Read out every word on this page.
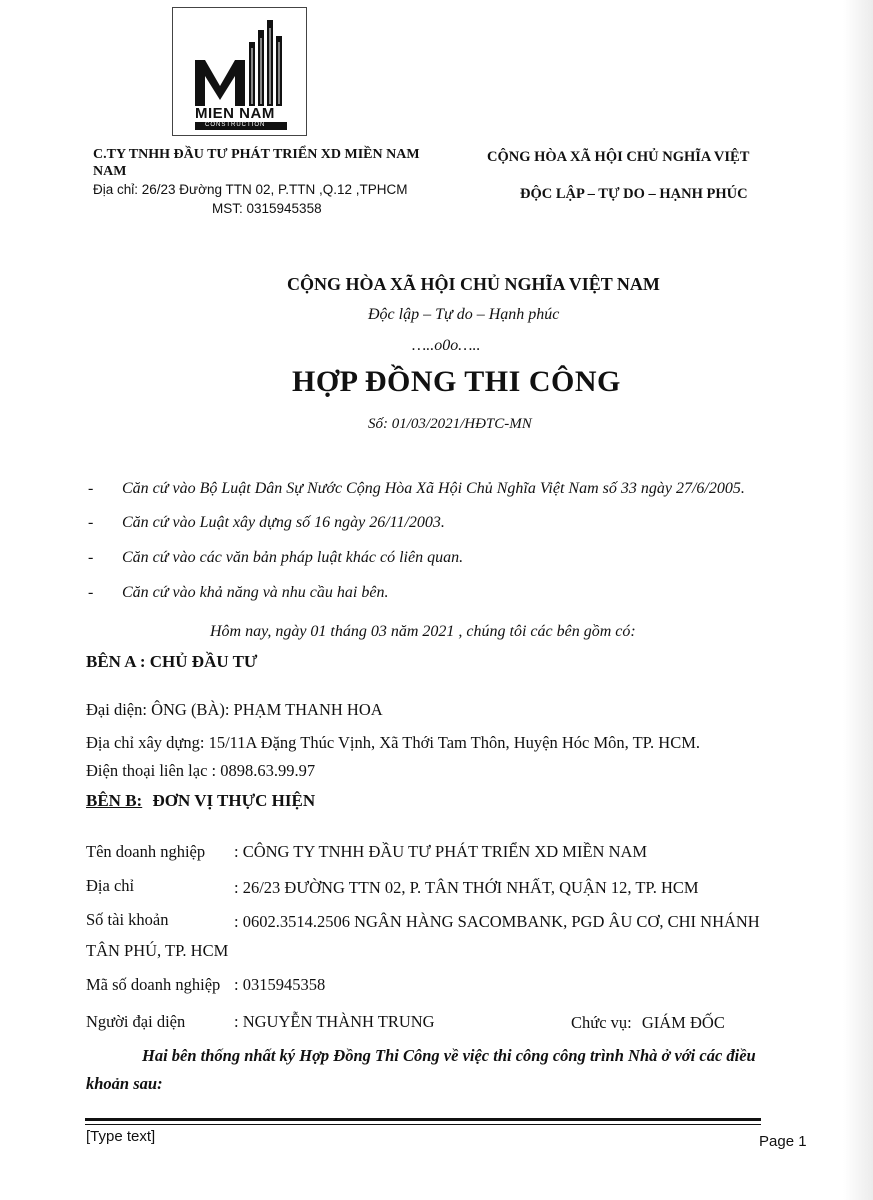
MIEN NAM
CONSTRUCTION
C.TY TNHH ĐẦU TƯ PHÁT TRIỂN XD MIỀN NAM
NAM
Địa chỉ: 26/23 Đường TTN 02, P.TTN ,Q.12 ,TPHCM
MST: 0315945358
CỘNG HÒA XÃ HỘI CHỦ NGHĨA VIỆT
ĐỘC LẬP – TỰ DO – HẠNH PHÚC
CỘNG HÒA XÃ HỘI CHỦ NGHĨA VIỆT NAM
Độc lập – Tự do – Hạnh phúc
…..o0o…..
HỢP ĐỒNG THI CÔNG
Số: 01/03/2021/HĐTC-MN
- Căn cứ vào Bộ Luật Dân Sự Nước Cộng Hòa Xã Hội Chủ Nghĩa Việt Nam số 33 ngày 27/6/2005.
- Căn cứ vào Luật xây dựng số 16 ngày 26/11/2003.
- Căn cứ vào các văn bản pháp luật khác có liên quan.
- Căn cứ vào khả năng và nhu cầu hai bên.
Hôm nay, ngày 01 tháng 03 năm 2021 , chúng tôi các bên gồm có:
BÊN A : CHỦ ĐẦU TƯ
Đại diện: ÔNG (BÀ): PHẠM THANH HOA
Địa chỉ xây dựng: 15/11A Đặng Thúc Vịnh, Xã Thới Tam Thôn, Huyện Hóc Môn, TP. HCM.
Điện thoại liên lạc : 0898.63.99.97
BÊN B: ĐƠN VỊ THỰC HIỆN
Tên doanh nghiệp : CÔNG TY TNHH ĐẦU TƯ PHÁT TRIỂN XD MIỀN NAM
Địa chỉ	: 26/23 ĐƯỜNG TTN 02, P. TÂN THỚI NHẤT, QUẬN 12, TP. HCM
Số tài khoản	: 0602.3514.2506 NGÂN HÀNG SACOMBANK, PGD ÂU CƠ, CHI NHÁNH
TÂN PHÚ, TP. HCM
Mã số doanh nghiệp : 0315945358
Người đại diện	: NGUYỄN THÀNH TRUNG	Chức vụ: GIÁM ĐỐC
Hai bên thống nhất ký Hợp Đồng Thi Công về việc thi công công trình Nhà ở với các điều
khoản sau:
[Type text]	Page 1
